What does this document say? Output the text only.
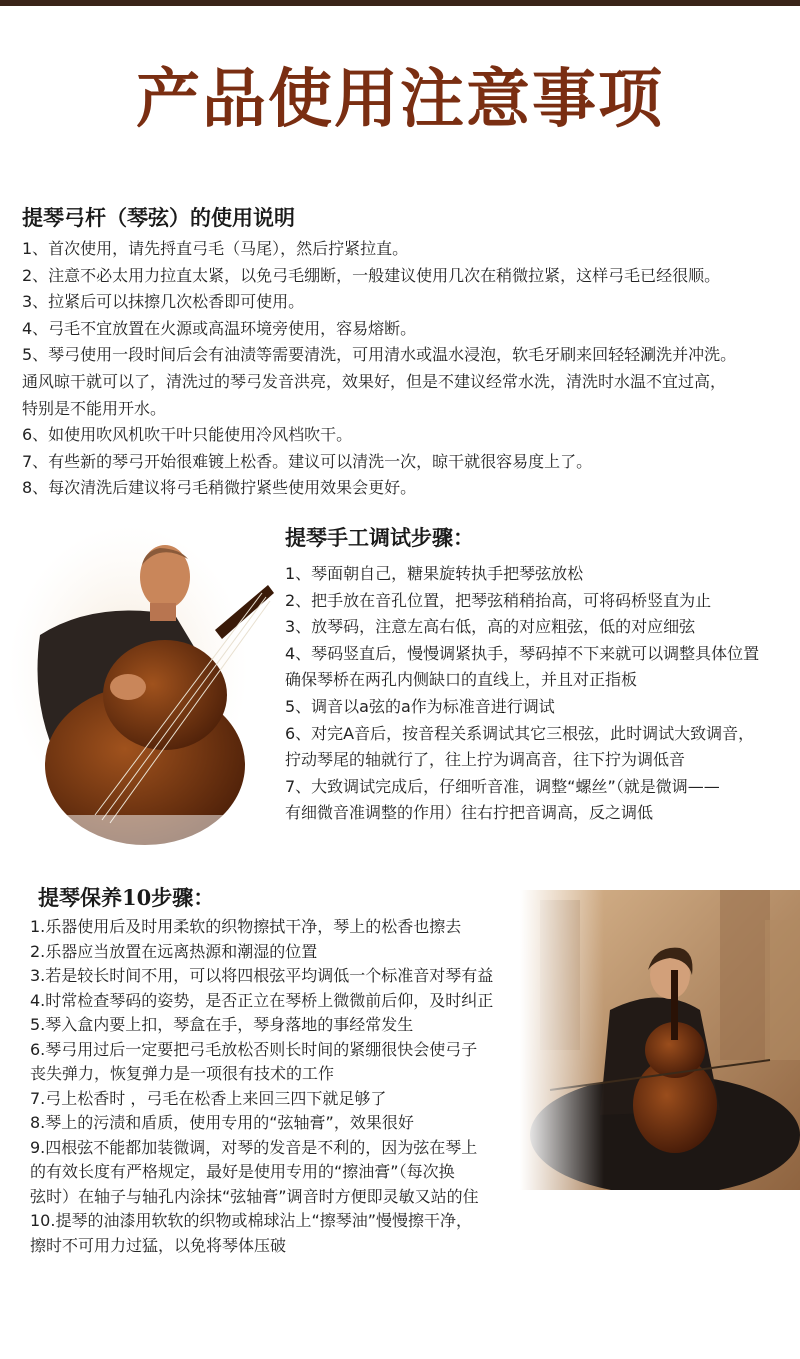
产品使用注意事项
提琴弓杆（琴弦）的使用说明
1、首次使用，请先捋直弓毛（马尾），然后拧紧拉直。
2、注意不必太用力拉直太紧，以免弓毛绷断，一般建议使用几次在稍微拉紧，这样弓毛已经很顺。
3、拉紧后可以抹擦几次松香即可使用。
4、弓毛不宜放置在火源或高温环境旁使用，容易熔断。
5、琴弓使用一段时间后会有油渍等需要清洗，可用清水或温水浸泡，软毛牙刷来回轻轻涮洗并冲洗。
通风晾干就可以了，清洗过的琴弓发音洪亮，效果好，但是不建议经常水洗，清洗时水温不宜过高，
特别是不能用开水。
6、如使用吹风机吹干叶只能使用冷风档吹干。
7、有些新的琴弓开始很难镀上松香。建议可以清洗一次，晾干就很容易度上了。
8、每次清洗后建议将弓毛稍微拧紧些使用效果会更好。
提琴手工调试步骤：
1、琴面朝自己，糖果旋转执手把琴弦放松
2、把手放在音孔位置，把琴弦稍稍抬高，可将码桥竖直为止
3、放琴码，注意左高右低，高的对应粗弦，低的对应细弦
4、琴码竖直后，慢慢调紧执手，琴码掉不下来就可以调整具体位置
确保琴桥在两孔内侧缺口的直线上，并且对正指板
5、调音以a弦的a作为标准音进行调试
6、对完A音后，按音程关系调试其它三根弦，此时调试大致调音，
拧动琴尾的轴就行了，往上拧为调高音，往下拧为调低音
7、大致调试完成后，仔细听音准，调整“螺丝”（就是微调——
有细微音准调整的作用）往右拧把音调高，反之调低
提琴保养10步骤：
1.乐器使用后及时用柔软的织物擦拭干净，琴上的松香也擦去
2.乐器应当放置在远离热源和潮湿的位置
3.若是较长时间不用，可以将四根弦平均调低一个标准音对琴有益
4.时常检查琴码的姿势，是否正立在琴桥上微微前后仰，及时纠正
5.琴入盒内要上扣，琴盒在手，琴身落地的事经常发生
6.琴弓用过后一定要把弓毛放松否则长时间的紧绷很快会使弓子
丧失弹力，恢复弹力是一项很有技术的工作
7.弓上松香时 ，弓毛在松香上来回三四下就足够了
8.琴上的污渍和盾质，使用专用的“弦轴膏”，效果很好
9.四根弦不能都加装微调，对琴的发音是不利的，因为弦在琴上
的有效长度有严格规定，最好是使用专用的“擦油膏”（每次换
弦时）在轴子与轴孔内涂抹“弦轴膏”调音时方便即灵敏又站的住
10.提琴的油漆用软软的织物或棉球沾上“擦琴油”慢慢擦干净，
擦时不可用力过猛，以免将琴体压破
